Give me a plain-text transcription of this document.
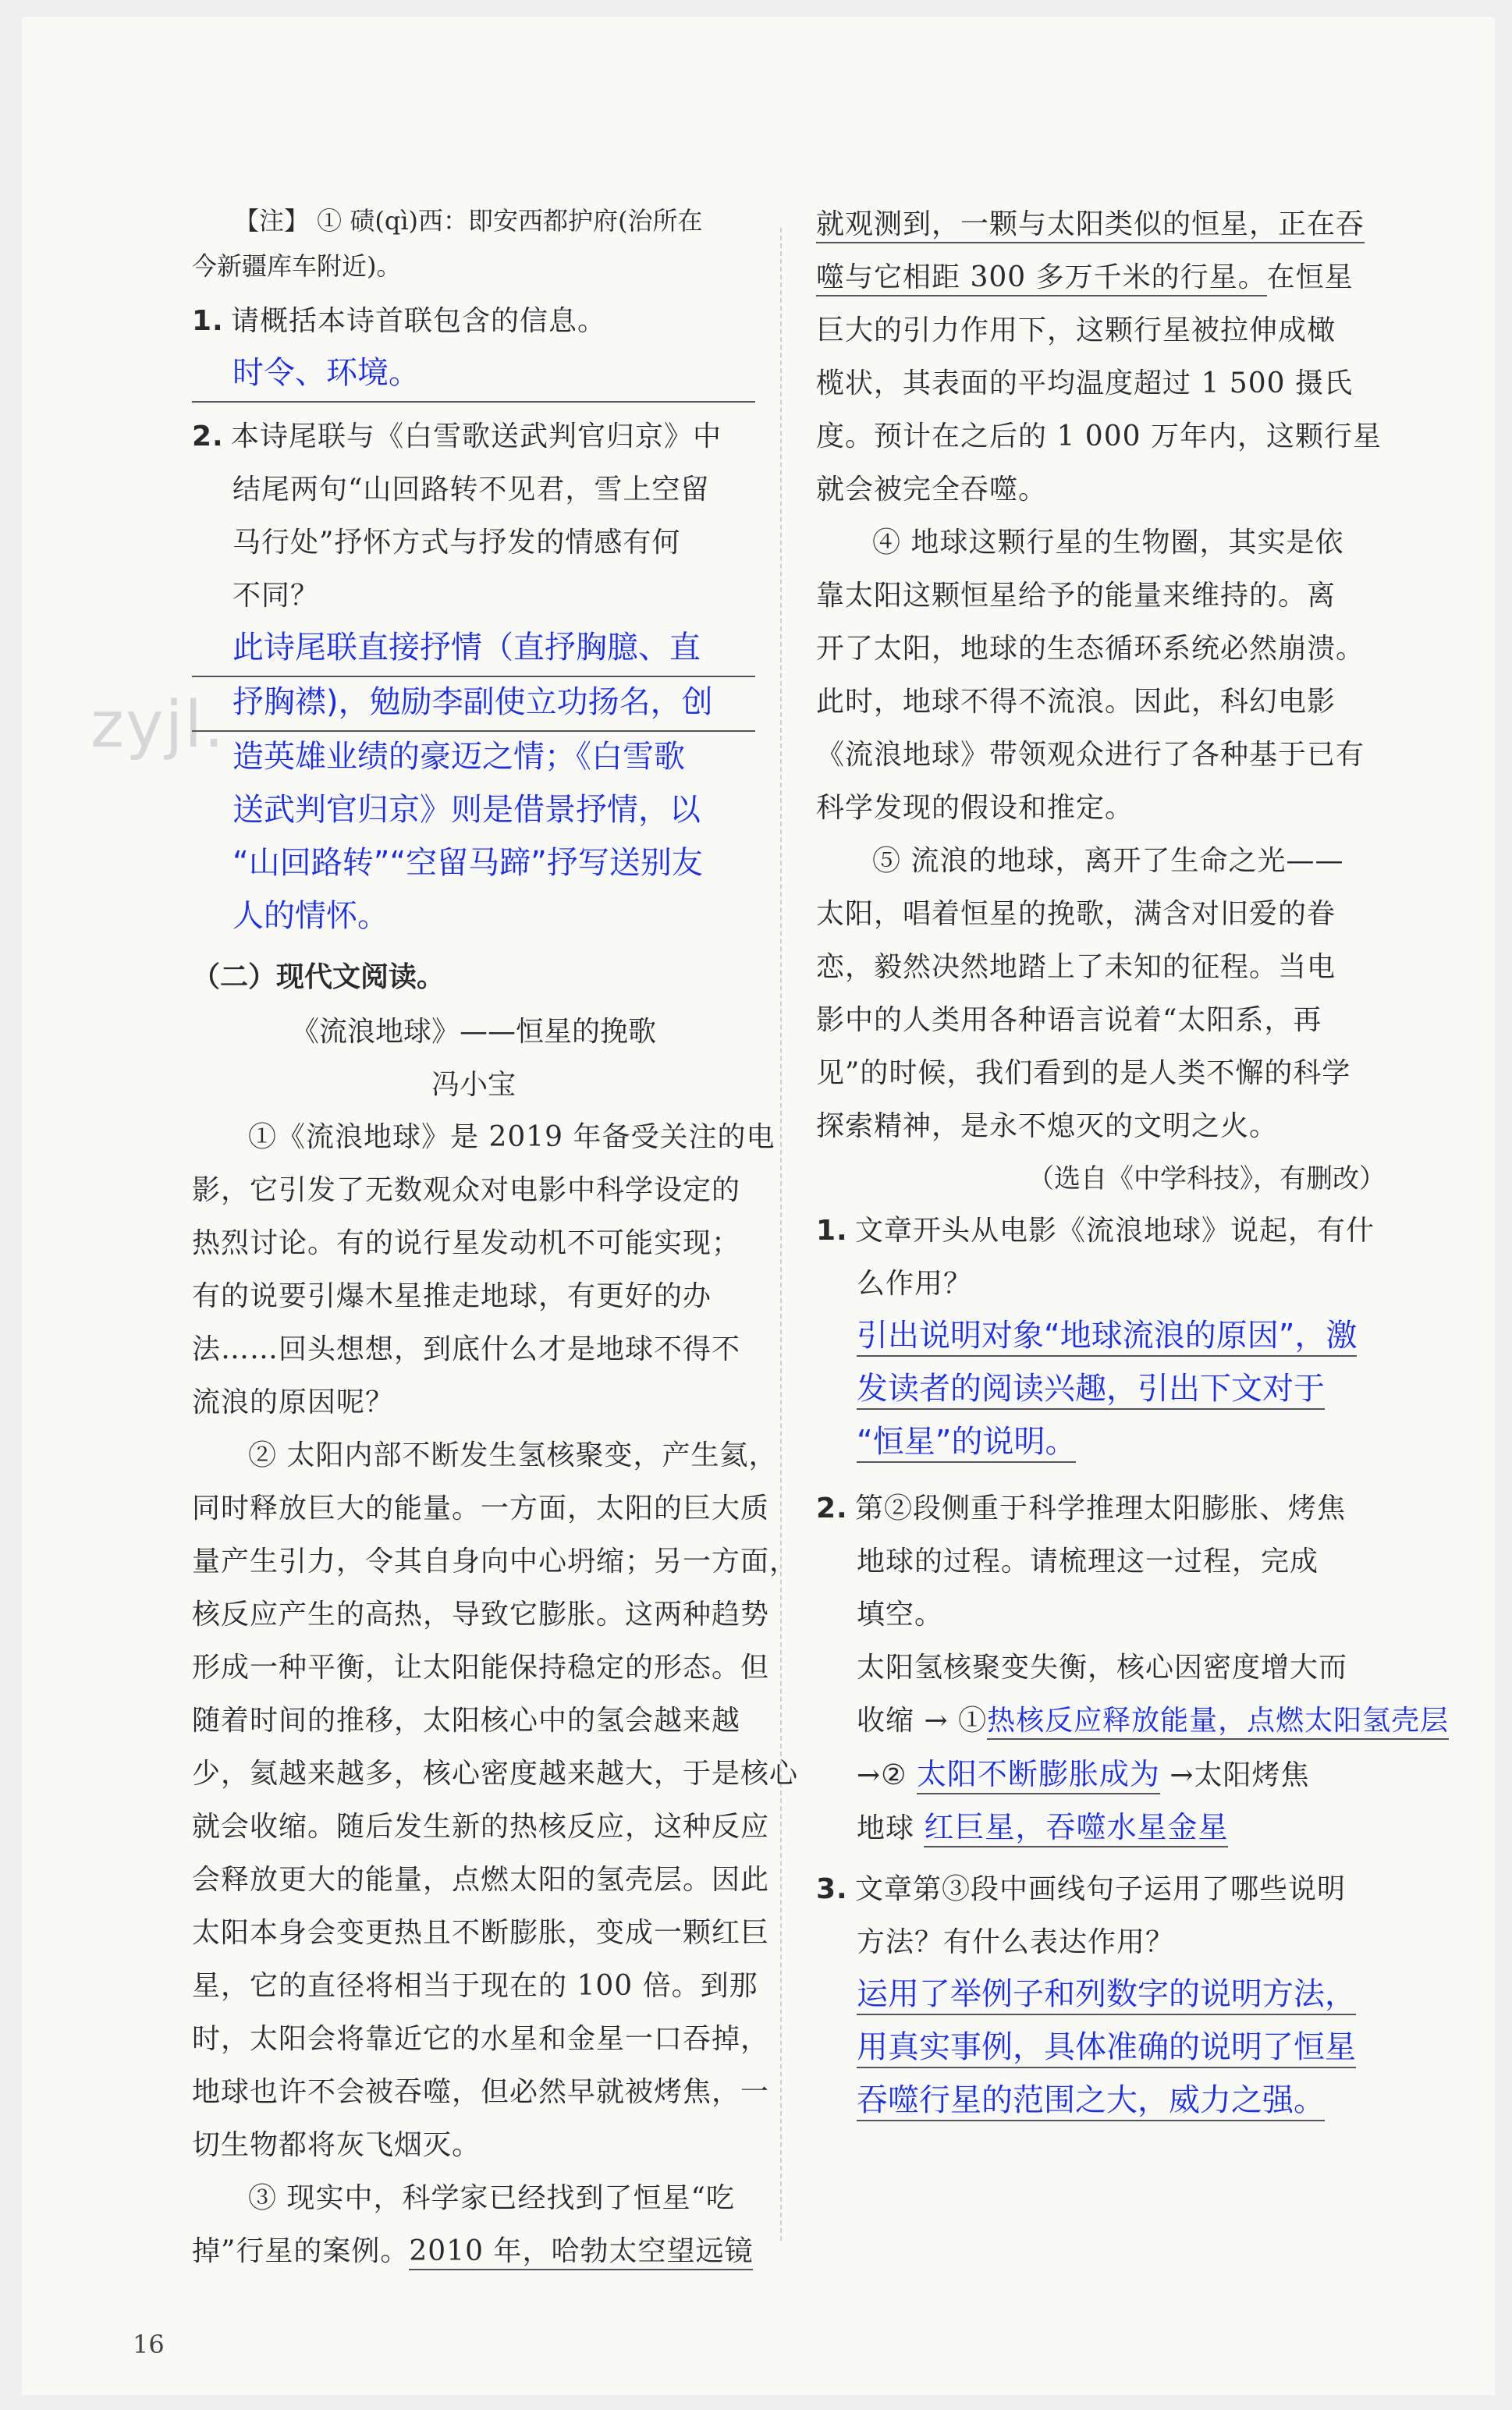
zyjl.
【注】 ① 碛(qì)西：即安西都护府(治所在
今新疆库车附近)。
1. 请概括本诗首联包含的信息。
时令、环境。
2. 本诗尾联与《白雪歌送武判官归京》中
结尾两句“山回路转不见君，雪上空留
马行处”抒怀方式与抒发的情感有何
不同？
此诗尾联直接抒情（直抒胸臆、直
抒胸襟)，勉励李副使立功扬名，创
造英雄业绩的豪迈之情；《白雪歌
送武判官归京》则是借景抒情，以
“山回路转”“空留马蹄”抒写送别友
人的情怀。
（二）现代文阅读。
《流浪地球》——恒星的挽歌
冯小宝
①《流浪地球》是 2019 年备受关注的电
影，它引发了无数观众对电影中科学设定的
热烈讨论。有的说行星发动机不可能实现；
有的说要引爆木星推走地球，有更好的办
法……回头想想，到底什么才是地球不得不
流浪的原因呢？
② 太阳内部不断发生氢核聚变，产生氦，
同时释放巨大的能量。一方面，太阳的巨大质
量产生引力，令其自身向中心坍缩；另一方面，
核反应产生的高热，导致它膨胀。这两种趋势
形成一种平衡，让太阳能保持稳定的形态。但
随着时间的推移，太阳核心中的氢会越来越
少，氦越来越多，核心密度越来越大，于是核心
就会收缩。随后发生新的热核反应，这种反应
会释放更大的能量，点燃太阳的氢壳层。因此
太阳本身会变更热且不断膨胀，变成一颗红巨
星，它的直径将相当于现在的 100 倍。到那
时，太阳会将靠近它的水星和金星一口吞掉，
地球也许不会被吞噬，但必然早就被烤焦，一
切生物都将灰飞烟灭。
③ 现实中，科学家已经找到了恒星“吃
掉”行星的案例。2010 年，哈勃太空望远镜
就观测到，一颗与太阳类似的恒星，正在吞
噬与它相距 300 多万千米的行星。在恒星
巨大的引力作用下，这颗行星被拉伸成橄
榄状，其表面的平均温度超过 1 500 摄氏
度。预计在之后的 1 000 万年内，这颗行星
就会被完全吞噬。
④ 地球这颗行星的生物圈，其实是依
靠太阳这颗恒星给予的能量来维持的。离
开了太阳，地球的生态循环系统必然崩溃。
此时，地球不得不流浪。因此，科幻电影
《流浪地球》带领观众进行了各种基于已有
科学发现的假设和推定。
⑤ 流浪的地球，离开了生命之光——
太阳，唱着恒星的挽歌，满含对旧爱的眷
恋，毅然决然地踏上了未知的征程。当电
影中的人类用各种语言说着“太阳系，再
见”的时候，我们看到的是人类不懈的科学
探索精神，是永不熄灭的文明之火。
（选自《中学科技》，有删改）
1. 文章开头从电影《流浪地球》说起，有什
么作用？
引出说明对象“地球流浪的原因”，激
发读者的阅读兴趣，引出下文对于
“恒星”的说明。
2. 第②段侧重于科学推理太阳膨胀、烤焦
地球的过程。请梳理这一过程，完成
填空。
太阳氢核聚变失衡，核心因密度增大而
收缩 → ①热核反应释放能量，点燃太阳氢壳层
→② 太阳不断膨胀成为 →太阳烤焦
地球 红巨星，吞噬水星金星
3. 文章第③段中画线句子运用了哪些说明
方法？有什么表达作用？
运用了举例子和列数字的说明方法，
用真实事例，具体准确的说明了恒星
吞噬行星的范围之大，威力之强。
16
